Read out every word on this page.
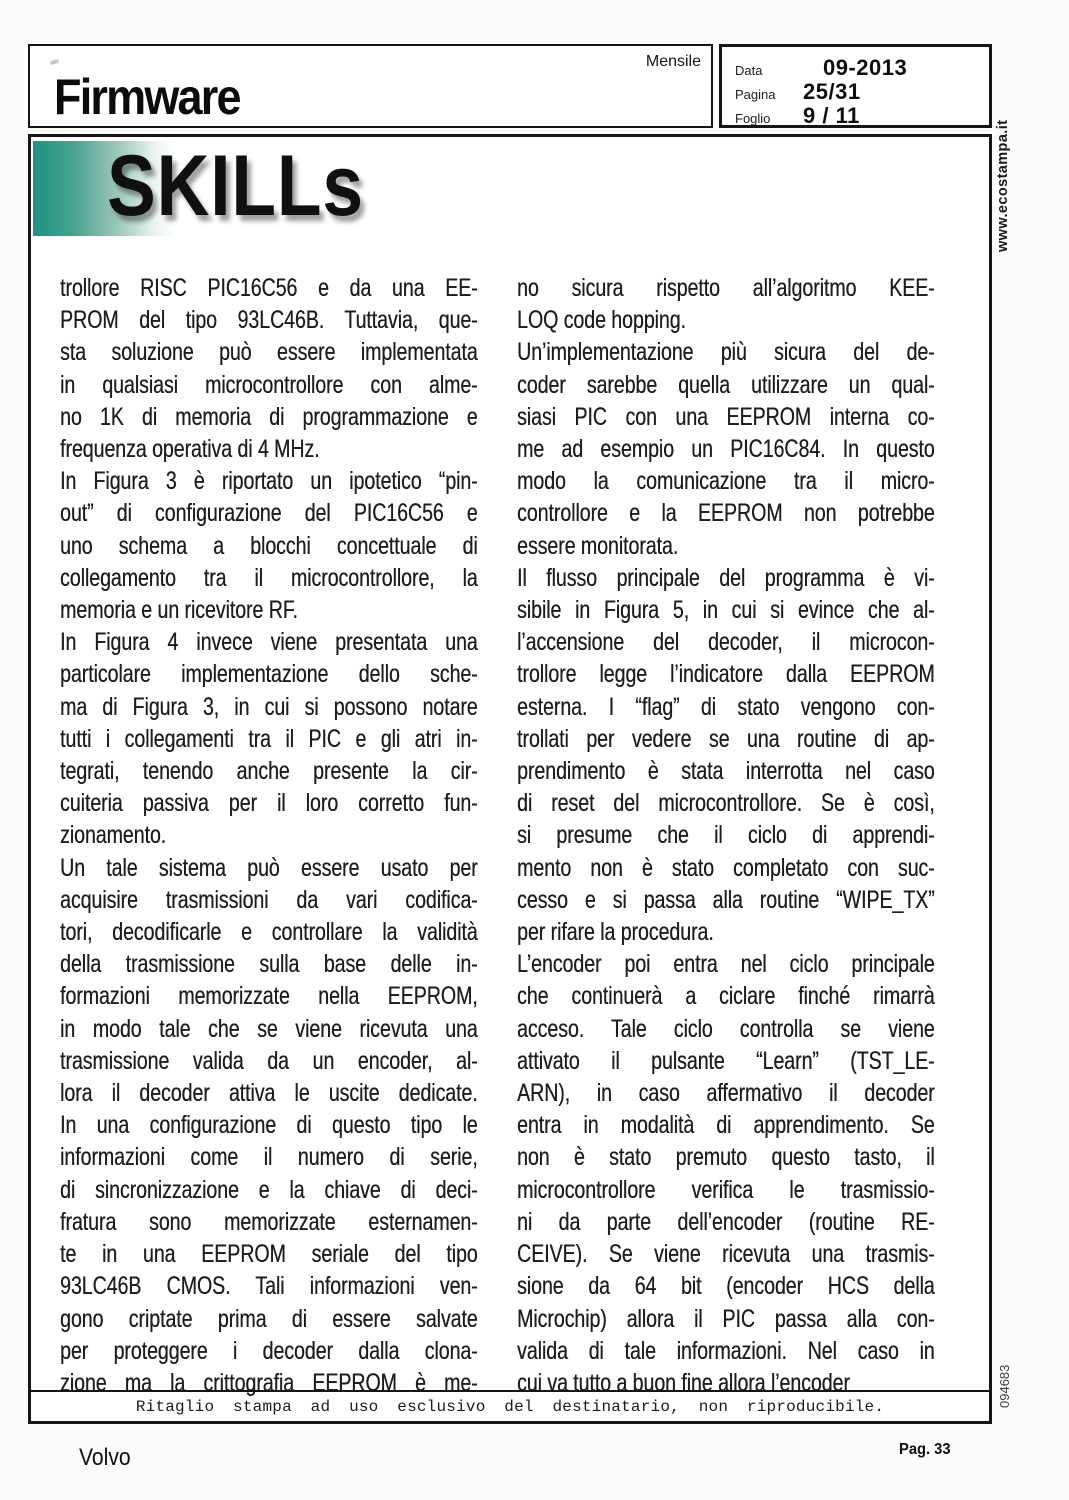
Firmware
Mensile
Data	09-2013
Pagina	25/31
Foglio	9 / 11
SKILLs
trollore RISC PIC16C56 e da una EE-
PROM del tipo 93LC46B. Tuttavia, que-
sta soluzione può essere implementata
in qualsiasi microcontrollore con alme-
no 1K di memoria di programmazione e
frequenza operativa di 4 MHz.
In Figura 3 è riportato un ipotetico “pin-
out” di configurazione del PIC16C56 e
uno schema a blocchi concettuale di
collegamento tra il microcontrollore, la
memoria e un ricevitore RF.
In Figura 4 invece viene presentata una
particolare implementazione dello sche-
ma di Figura 3, in cui si possono notare
tutti i collegamenti tra il PIC e gli atri in-
tegrati, tenendo anche presente la cir-
cuiteria passiva per il loro corretto fun-
zionamento.
Un tale sistema può essere usato per
acquisire trasmissioni da vari codifica-
tori, decodificarle e controllare la validità
della trasmissione sulla base delle in-
formazioni memorizzate nella EEPROM,
in modo tale che se viene ricevuta una
trasmissione valida da un encoder, al-
lora il decoder attiva le uscite dedicate.
In una configurazione di questo tipo le
informazioni come il numero di serie,
di sincronizzazione e la chiave di deci-
fratura sono memorizzate esternamen-
te in una EEPROM seriale del tipo
93LC46B CMOS. Tali informazioni ven-
gono criptate prima di essere salvate
per proteggere i decoder dalla clona-
zione ma la crittografia EEPROM è me-
no sicura rispetto all’algoritmo KEE-
LOQ code hopping.
Un’implementazione più sicura del de-
coder sarebbe quella utilizzare un qual-
siasi PIC con una EEPROM interna co-
me ad esempio un PIC16C84. In questo
modo la comunicazione tra il micro-
controllore e la EEPROM non potrebbe
essere monitorata.
Il flusso principale del programma è vi-
sibile in Figura 5, in cui si evince che al-
l’accensione del decoder, il microcon-
trollore legge l’indicatore dalla EEPROM
esterna. I “flag” di stato vengono con-
trollati per vedere se una routine di ap-
prendimento è stata interrotta nel caso
di reset del microcontrollore. Se è così,
si presume che il ciclo di apprendi-
mento non è stato completato con suc-
cesso e si passa alla routine “WIPE_TX”
per rifare la procedura.
L’encoder poi entra nel ciclo principale
che continuerà a ciclare finché rimarrà
acceso. Tale ciclo controlla se viene
attivato il pulsante “Learn” (TST_LE-
ARN), in caso affermativo il decoder
entra in modalità di apprendimento. Se
non è stato premuto questo tasto, il
microcontrollore verifica le trasmissio-
ni da parte dell’encoder (routine RE-
CEIVE). Se viene ricevuta una trasmis-
sione da 64 bit (encoder HCS della
Microchip) allora il PIC passa alla con-
valida di tale informazioni. Nel caso in
cui va tutto a buon fine allora l’encoder
Ritaglio stampa ad uso esclusivo del destinatario, non riproducibile.
www.ecostampa.it
094683
Volvo	Pag. 33
